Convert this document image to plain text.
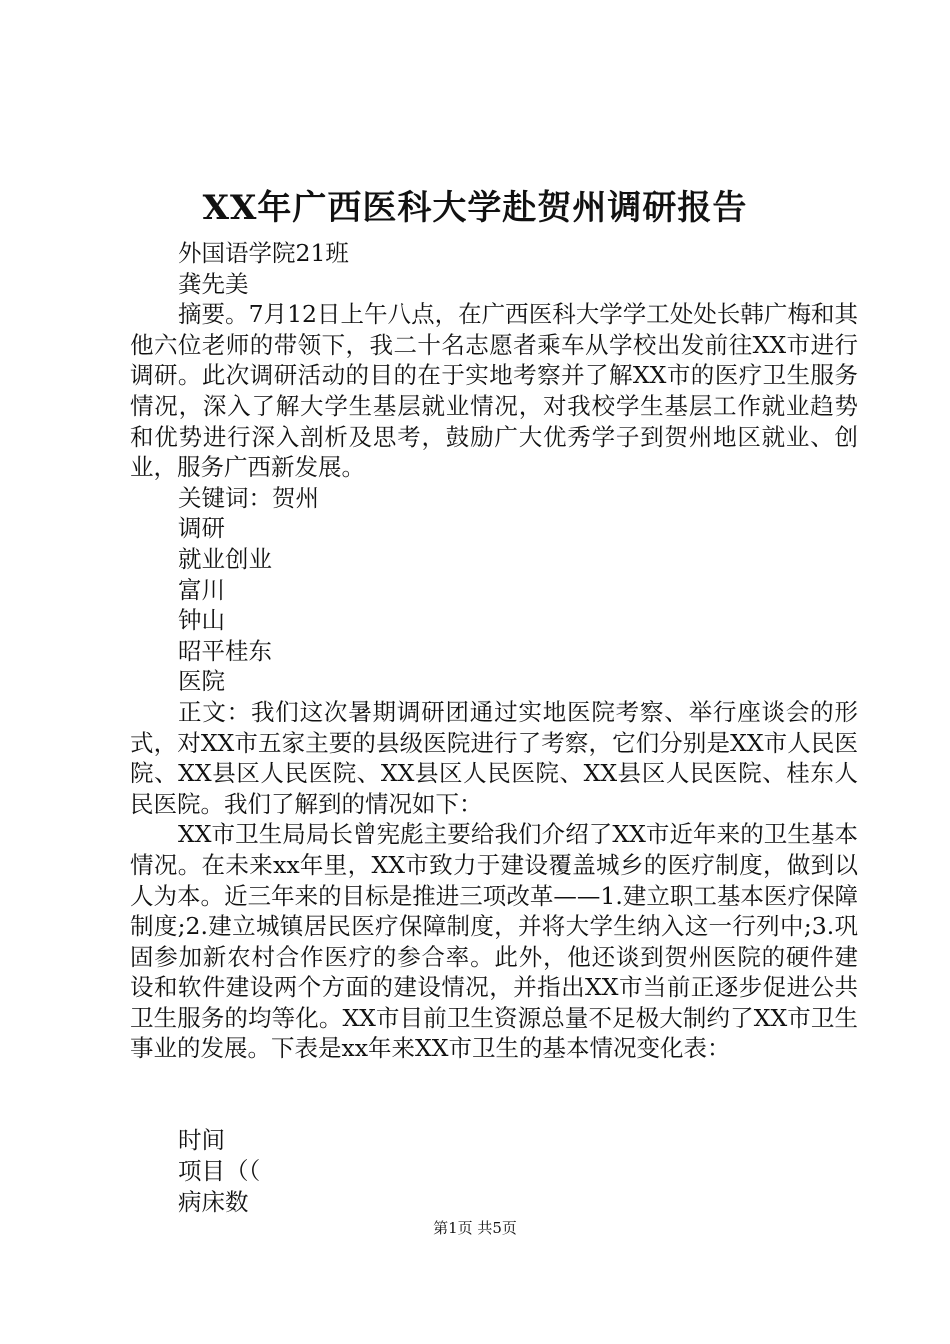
XX年广西医科大学赴贺州调研报告
外国语学院21班
龚先美
摘要。7月12日上午八点，在广西医科大学学工处处长韩广梅和其他六位老师的带领下，我二十名志愿者乘车从学校出发前往XX市进行调研。此次调研活动的目的在于实地考察并了解XX市的医疗卫生服务情况，深入了解大学生基层就业情况，对我校学生基层工作就业趋势和优势进行深入剖析及思考，鼓励广大优秀学子到贺州地区就业、创业，服务广西新发展。
关键词：贺州
调研
就业创业
富川
钟山
昭平桂东
医院
正文：我们这次暑期调研团通过实地医院考察、举行座谈会的形式，对XX市五家主要的县级医院进行了考察，它们分别是XX市人民医院、XX县区人民医院、XX县区人民医院、XX县区人民医院、桂东人民医院。我们了解到的情况如下：
XX市卫生局局长曾宪彪主要给我们介绍了XX市近年来的卫生基本情况。在未来xx年里，XX市致力于建设覆盖城乡的医疗制度，做到以人为本。近三年来的目标是推进三项改革——1.建立职工基本医疗保障制度;2.建立城镇居民医疗保障制度，并将大学生纳入这一行列中;3.巩固参加新农村合作医疗的参合率。此外，他还谈到贺州医院的硬件建设和软件建设两个方面的建设情况，并指出XX市当前正逐步促进公共卫生服务的均等化。XX市目前卫生资源总量不足极大制约了XX市卫生事业的发展。下表是xx年来XX市卫生的基本情况变化表：
时间
项目（（
病床数
第1页 共5页
